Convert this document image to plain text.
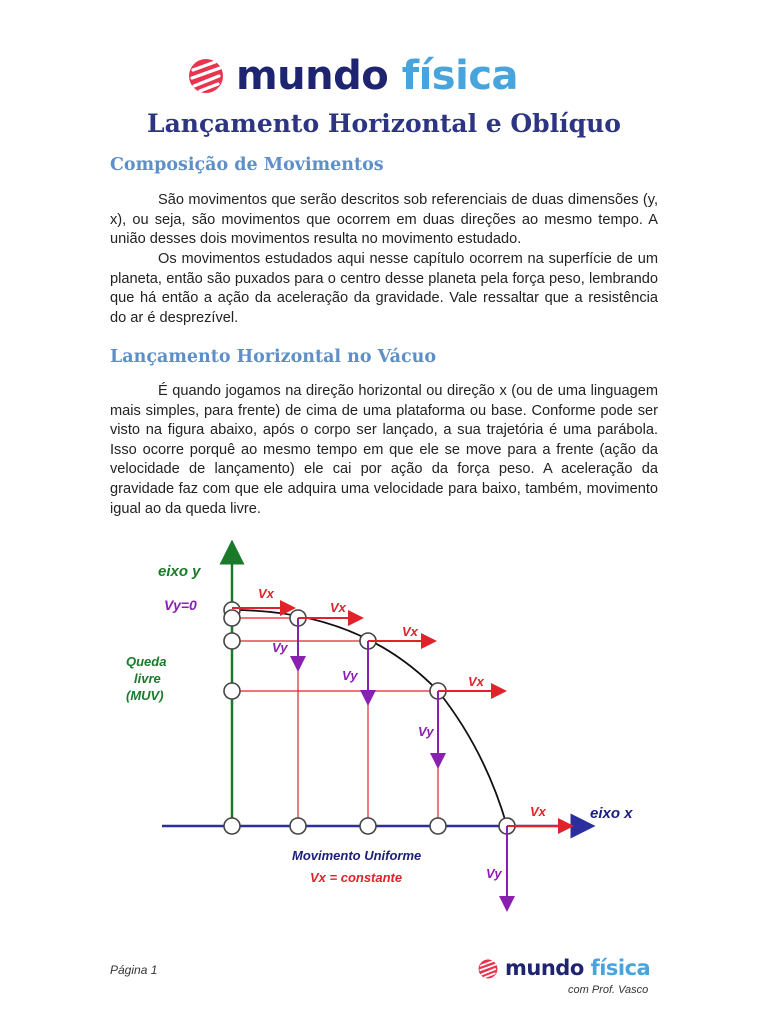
mundo física
Lançamento Horizontal e Oblíquo
Composição de Movimentos

São movimentos que serão descritos sob referenciais de duas dimensões (y, x), ou seja, são movimentos que ocorrem em duas direções ao mesmo tempo. A união desses dois movimentos resulta no movimento estudado.

Os movimentos estudados aqui nesse capítulo ocorrem na superfície de um planeta, então são puxados para o centro desse planeta pela força peso, lembrando que há então a ação da aceleração da gravidade. Vale ressaltar que a resistência do ar é desprezível.

Lançamento Horizontal no Vácuo

É quando jogamos na direção horizontal ou direção x (ou de uma linguagem mais simples, para frente) de cima de uma plataforma ou base. Conforme pode ser visto na figura abaixo, após o corpo ser lançado, a sua trajetória é uma parábola. Isso ocorre porquê ao mesmo tempo em que ele se move para a frente (ação da velocidade de lançamento) ele cai por ação da força peso. A aceleração da gravidade faz com que ele adquira uma velocidade para baixo, também, movimento igual ao da queda livre.

eixo y
eixo x
Vy=0
Vx
Vx
Vx
Vx
Vx
Vy
Vy
Vy
Vy
Queda
livre
(MUV)
Movimento Uniforme
Vx = constante
Página 1	mundo física
com Prof. Vasco
